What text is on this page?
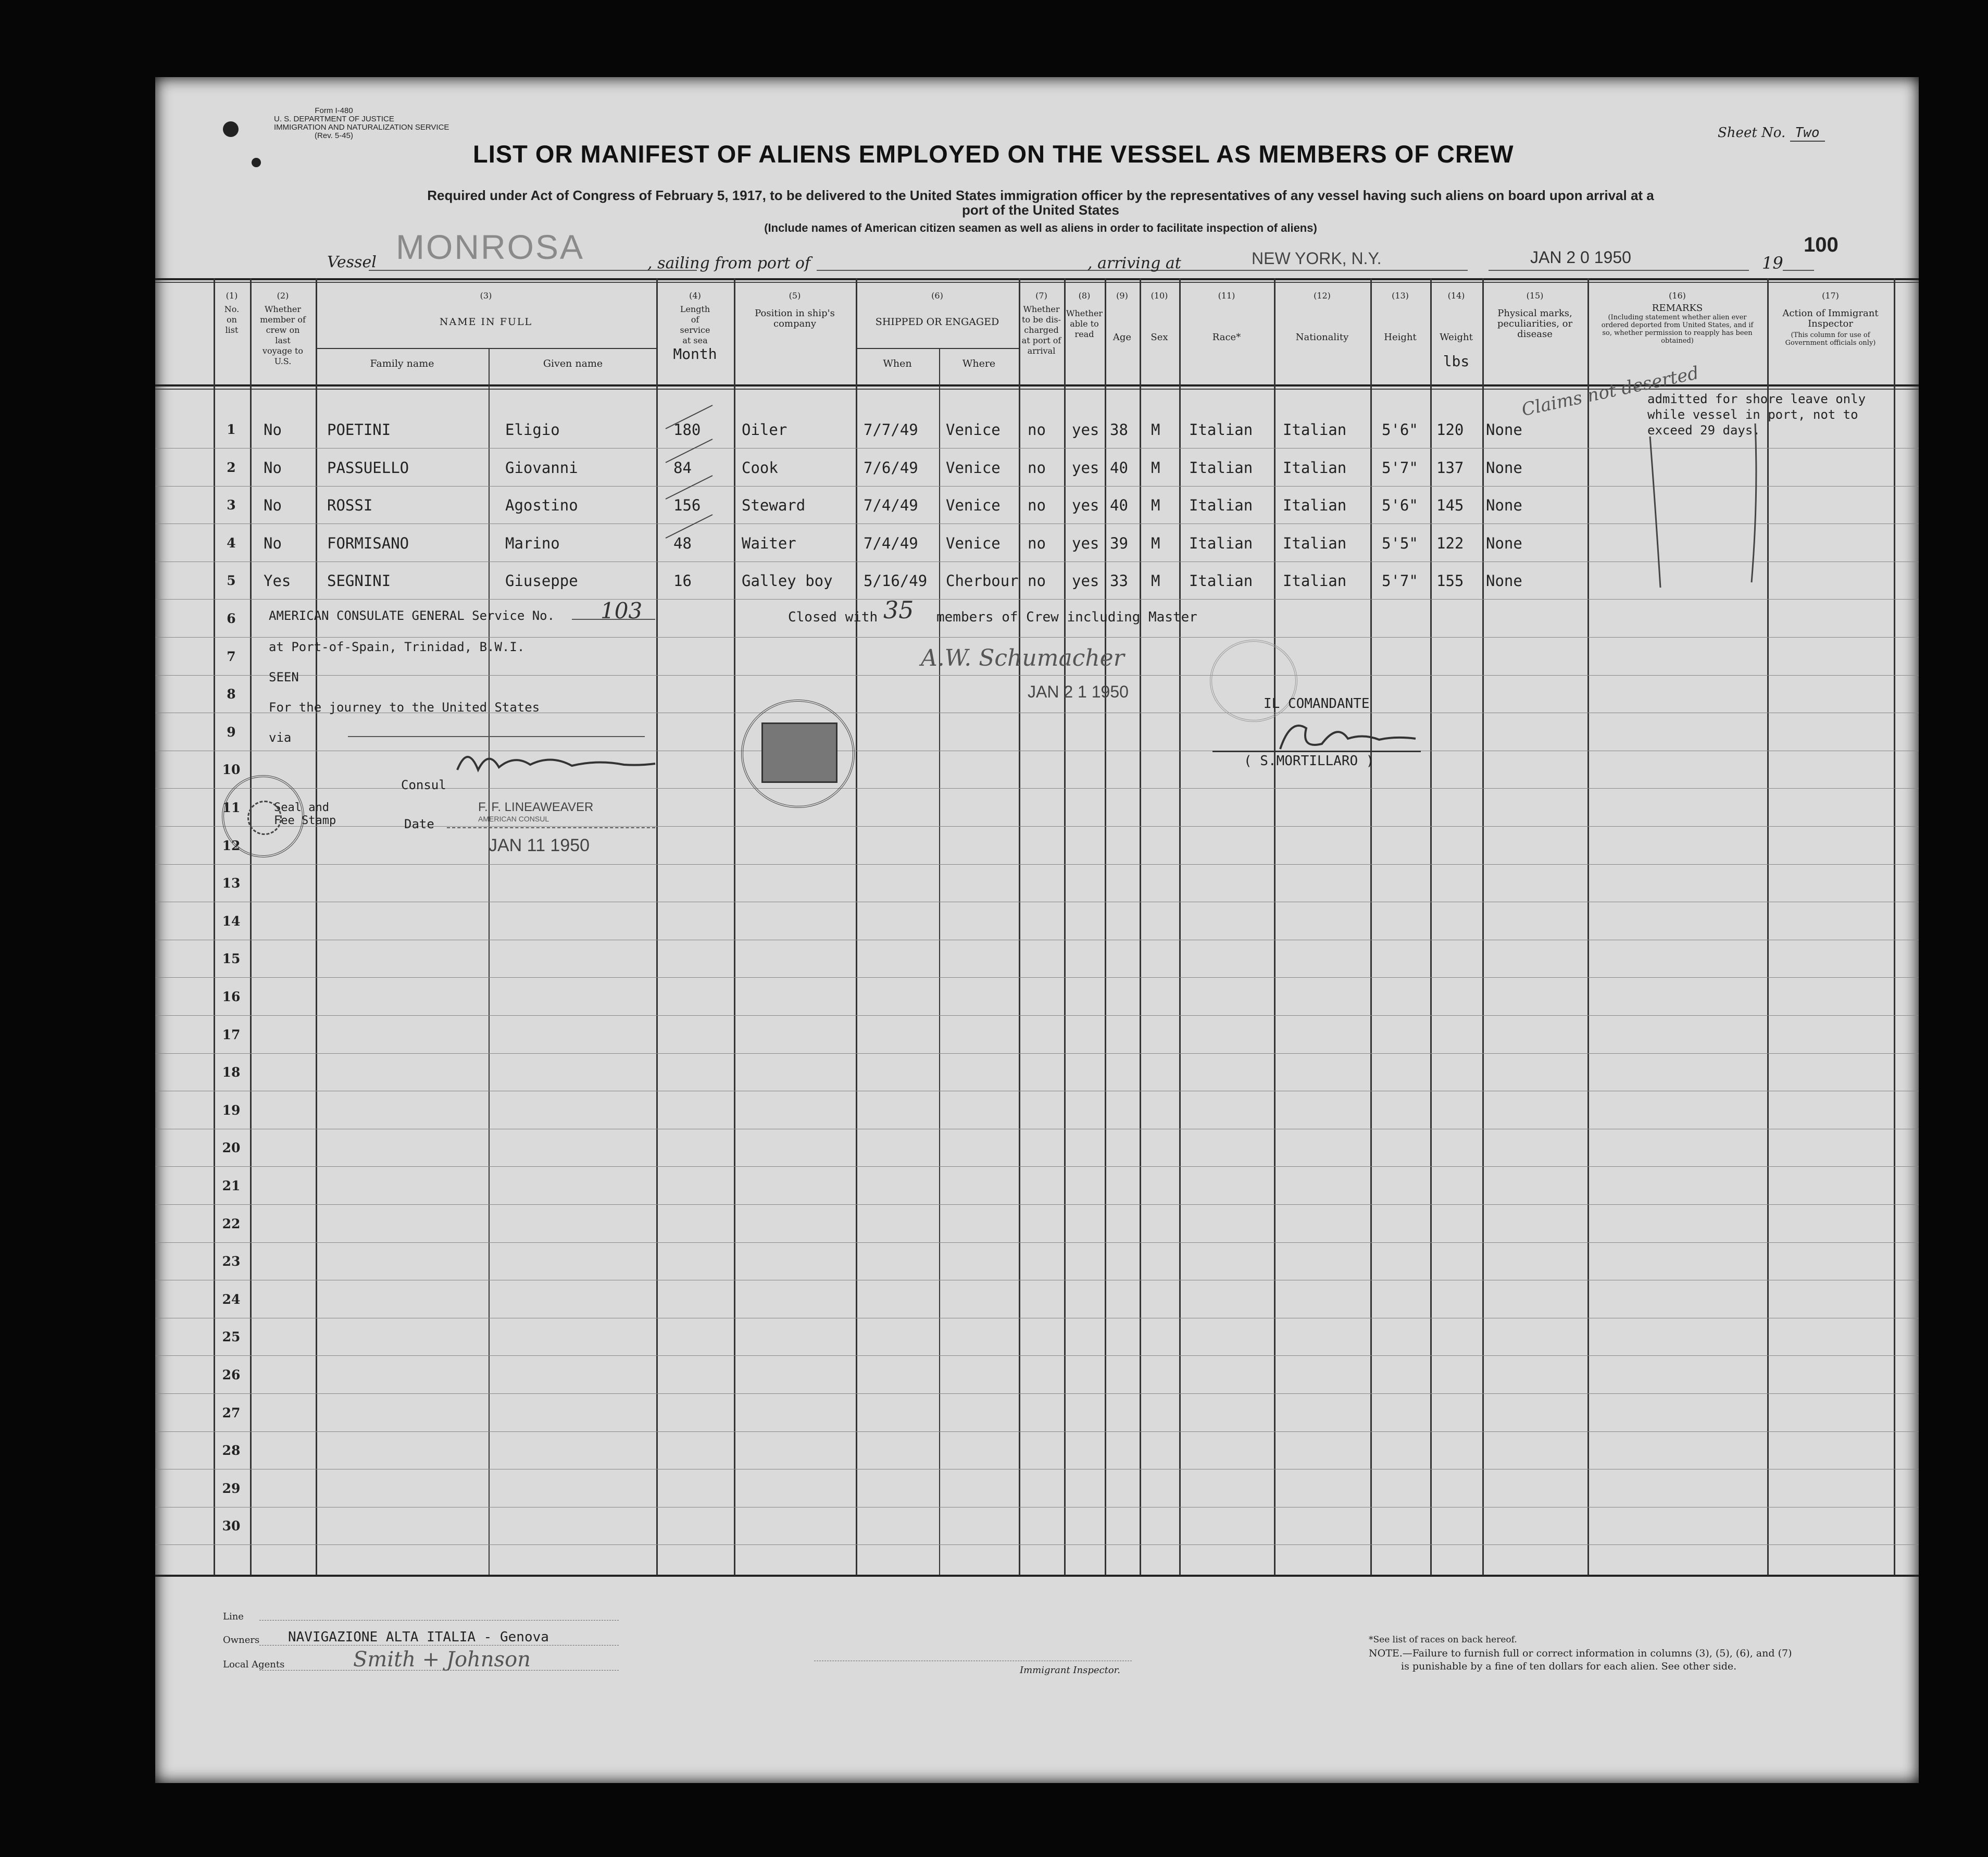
Form I-480
U. S. DEPARTMENT OF JUSTICE
IMMIGRATION AND NATURALIZATION SERVICE
(Rev. 5-45)	Sheet No. Two
LIST OR MANIFEST OF ALIENS EMPLOYED ON THE VESSEL AS MEMBERS OF CREW
Required under Act of Congress of February 5, 1917, to be delivered to the United States immigration officer by the representatives of any vessel having such aliens on board upon arrival at a
port of the United States
(Include names of American citizen seamen as well as aliens in order to facilitate inspection of aliens)
Vessel MONROSA	, sailing from port of	, arriving at	NEW YORK, N.Y.	JAN 2 0 1950	19
100
(1)
No. on list
(2)
Whether member of crew on last voyage to U.S.
(3)
NAME IN FULL
Family name	Given name
(4)
Length of service at sea
Month
(5)
Position in ship's company
(6)
SHIPPED OR ENGAGED
When	Where
(7)
Whether to be dis-charged at port of arrival
(8)
Whether able to read
(9)
Age
(10)
Sex
(11)
Race*
(12)
Nationality
(13)
Height
(14)
Weight
lbs
(15)
Physical marks, peculiarities, or disease
(16)
REMARKS
(Including statement whether alien ever ordered deported from United States, and if so, whether permission to reapply has been obtained)
(17)
Action of Immigrant Inspector
(This column for use of Government officials only)
1
2
3
4
5
6
7
8
9
10
11
12
13
14
15
16
17
18
19
20
21
22
23
24
25
26
27
28
29
30
No	POETINI	Eligio	180	Oiler	7/7/49 Venice no yes 38 M Italian Italian 5'6" 120 None
No	PASSUELLO	Giovanni	84	Cook	7/6/49 Venice no yes 40 M Italian Italian 5'7" 137 None
No	ROSSI	Agostino	156	Steward	7/4/49 Venice no yes 40 M Italian Italian 5'6" 145 None
No	FORMISANO	Marino	48	Waiter	7/4/49 Venice no yes 39 M Italian Italian 5'5" 122 None
Yes SEGNINI	Giuseppe	16	Galley boy 5/16/49 Cherbour no yes 33 M Italian Italian 5'7" 155 None
admitted for shore leave only
while vessel in port, not to
exceed 29 days.
Claims not deserted
AMERICAN CONSULATE GENERAL Service No. 103
at Port-of-Spain, Trinidad, B.W.I.
SEEN
For the journey to the United States
via
Consul
Seal and Fee Stamp	Date
F. F. LINEAWEAVER
AMERICAN CONSUL
JAN 11 1950
Closed with 35 members of Crew including Master
A.W. Schumacher
JAN 2 1 1950
IL COMANDANTE
( S.MORTILLARO )
Line
Owners NAVIGAZIONE ALTA ITALIA - Genova
Local Agents	Smith + Johnson	Immigrant Inspector.
*See list of races on back hereof.
NOTE.—Failure to furnish full or correct information in columns (3), (5), (6), and (7)
is punishable by a fine of ten dollars for each alien. See other side.
